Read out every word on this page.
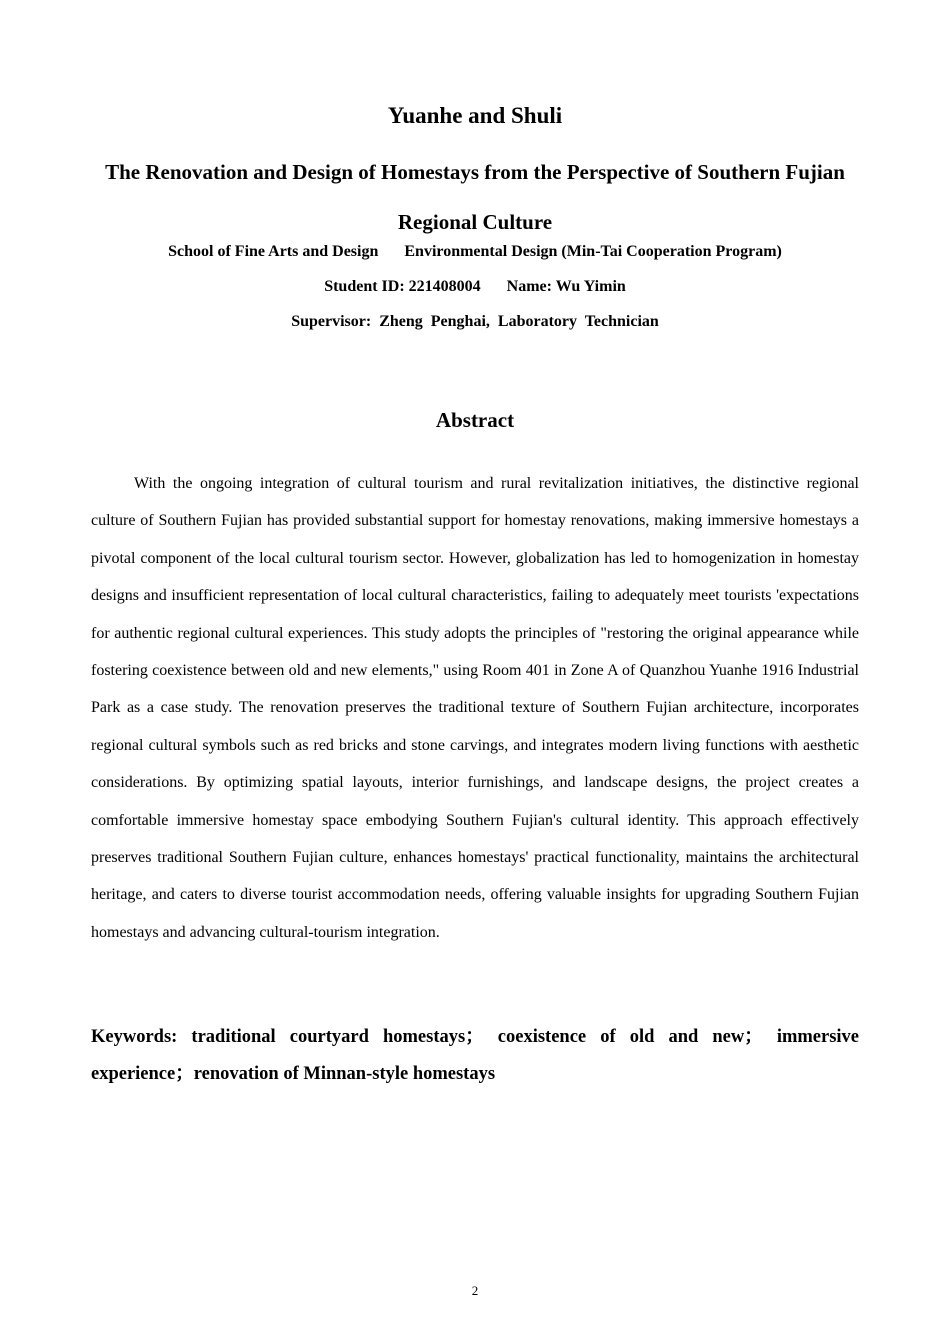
Yuanhe and Shuli
The Renovation and Design of Homestays from the Perspective of Southern Fujian Regional Culture
School of Fine Arts and Design Environmental Design (Min-Tai Cooperation Program)
Student ID: 221408004 Name: Wu Yimin
Supervisor:  Zheng  Penghai,  Laboratory  Technician
Abstract

With the ongoing integration of cultural tourism and rural revitalization initiatives, the distinctive regional culture of Southern Fujian has provided substantial support for homestay renovations, making immersive homestays a pivotal component of the local cultural tourism sector. However, globalization has led to homogenization in homestay designs and insufficient representation of local cultural characteristics, failing to adequately meet tourists 'expectations for authentic regional cultural experiences. This study adopts the principles of "restoring the original appearance while fostering coexistence between old and new elements," using Room 401 in Zone A of Quanzhou Yuanhe 1916 Industrial Park as a case study. The renovation preserves the traditional texture of Southern Fujian architecture, incorporates regional cultural symbols such as red bricks and stone carvings, and integrates modern living functions with aesthetic considerations. By optimizing spatial layouts, interior furnishings, and landscape designs, the project creates a comfortable immersive homestay space embodying Southern Fujian's cultural identity. This approach effectively preserves traditional Southern Fujian culture, enhances homestays' practical functionality, maintains the architectural heritage, and caters to diverse tourist accommodation needs, offering valuable insights for upgrading Southern Fujian homestays and advancing cultural-tourism integration.

Keywords: traditional courtyard homestays； coexistence of old and new； immersive experience；renovation of Minnan-style homestays

2
